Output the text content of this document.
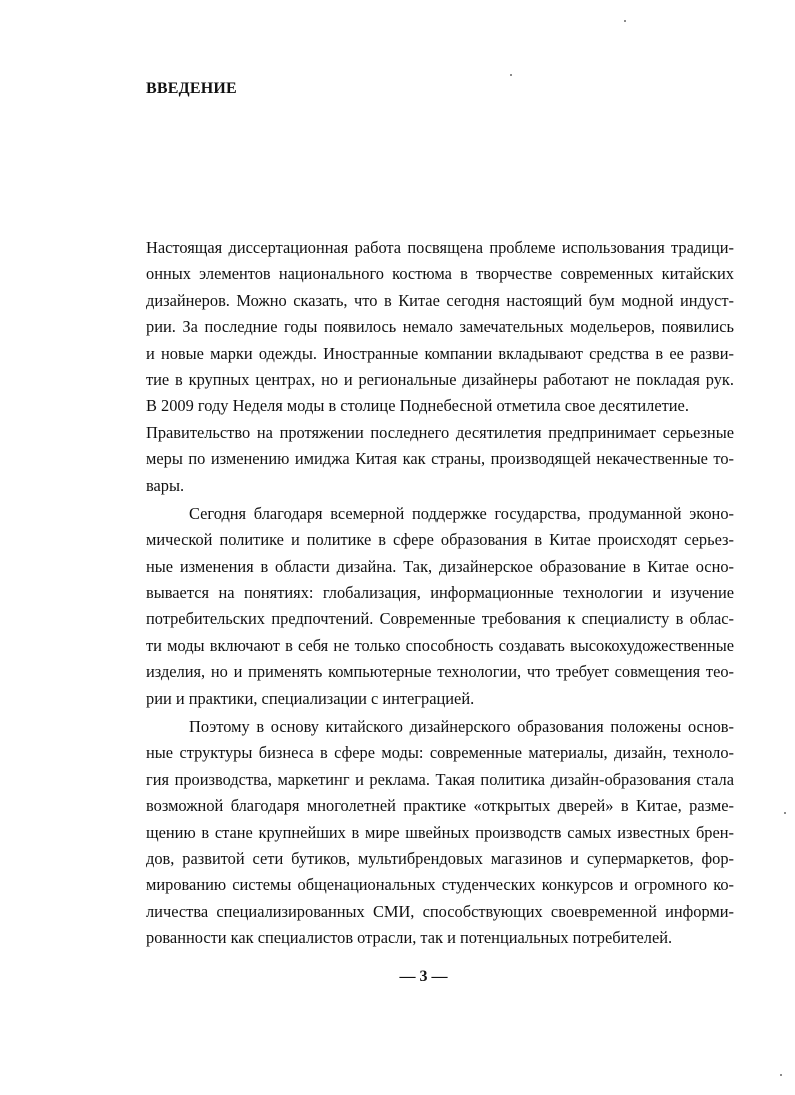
ВВЕДЕНИЕ

Настоящая диссертационная работа посвящена проблеме использования традици-
онных элементов национального костюма в творчестве современных китайских
дизайнеров. Можно сказать, что в Китае сегодня настоящий бум модной индуст-
рии. За последние годы появилось немало замечательных модельеров, появились
и новые марки одежды. Иностранные компании вкладывают средства в ее разви-
тие в крупных центрах, но и региональные дизайнеры работают не покладая рук.
В 2009 году Неделя моды в столице Поднебесной отметила свое десятилетие.
Правительство на протяжении последнего десятилетия предпринимает серьезные
меры по изменению имиджа Китая как страны, производящей некачественные то-
вары.

Сегодня благодаря всемерной поддержке государства, продуманной эконо-
мической политике и политике в сфере образования в Китае происходят серьез-
ные изменения в области дизайна. Так, дизайнерское образование в Китае осно-
вывается на понятиях: глобализация, информационные технологии и изучение
потребительских предпочтений. Современные требования к специалисту в облас-
ти моды включают в себя не только способность создавать высокохудожественные
изделия, но и применять компьютерные технологии, что требует совмещения тео-
рии и практики, специализации с интеграцией.

Поэтому в основу китайского дизайнерского образования положены основ-
ные структуры бизнеса в сфере моды: современные материалы, дизайн, техноло-
гия производства, маркетинг и реклама. Такая политика дизайн-образования стала
возможной благодаря многолетней практике «открытых дверей» в Китае, разме-
щению в стане крупнейших в мире швейных производств самых известных брен-
дов, развитой сети бутиков, мультибрендовых магазинов и супермаркетов, фор-
мированию системы общенациональных студенческих конкурсов и огромного ко-
личества специализированных СМИ, способствующих своевременной информи-
рованности как специалистов отрасли, так и потенциальных потребителей.

— 3 —
